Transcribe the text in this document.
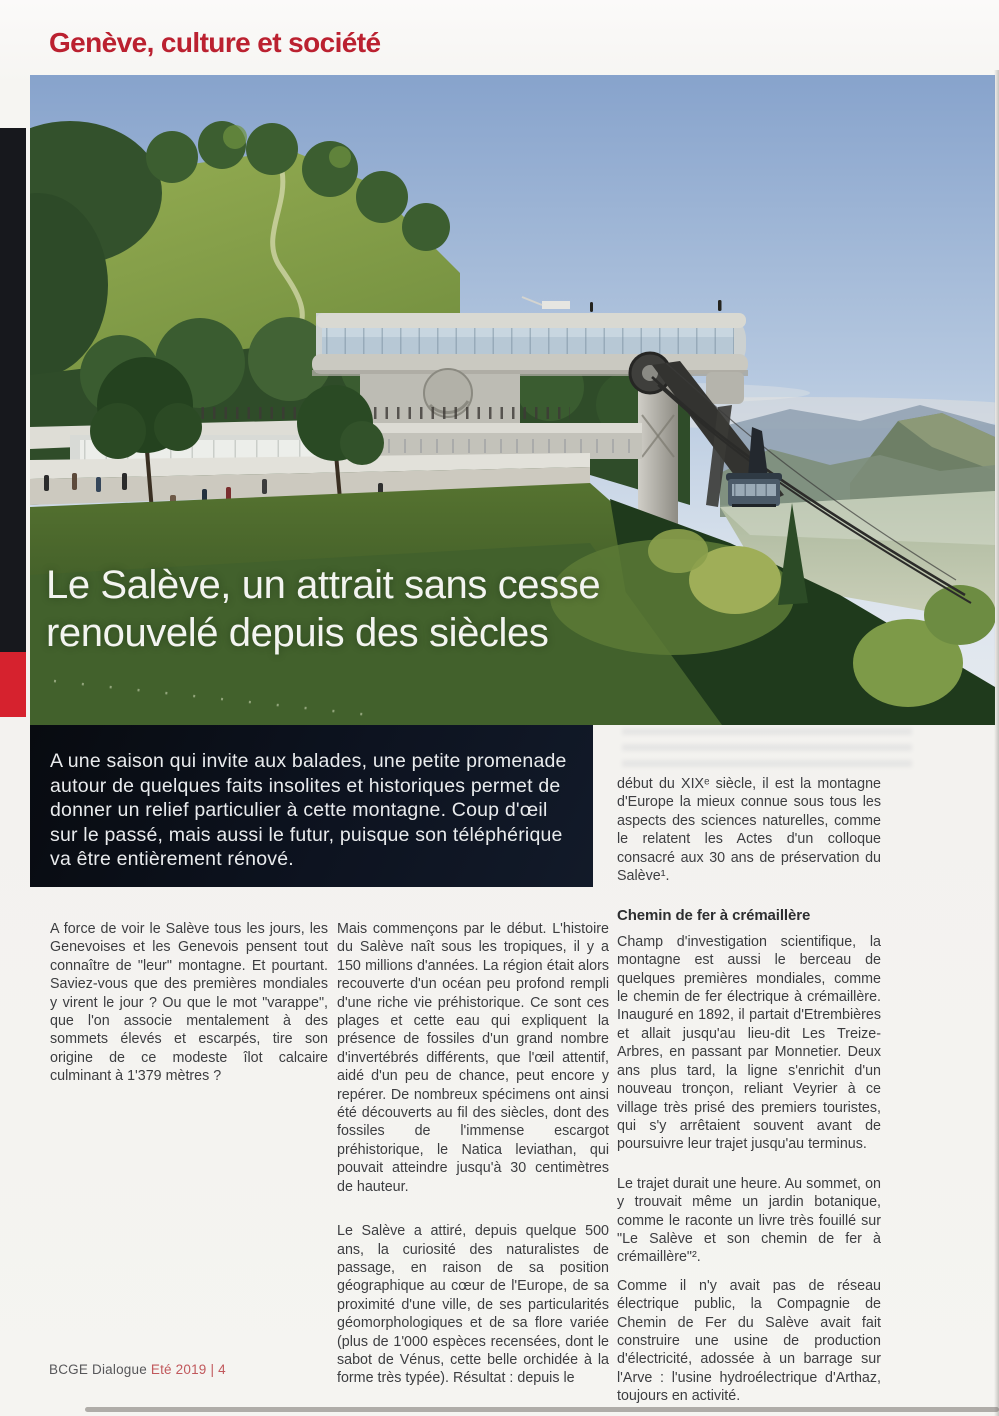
Genève, culture et société
Le Salève, un attrait sans cesse
renouvelé depuis des siècles

A une saison qui invite aux balades, une petite promenade autour de quelques faits insolites et historiques permet de donner un relief particulier à cette montagne. Coup d'œil sur le passé, mais aussi le futur, puisque son téléphérique va être entièrement rénové.

A force de voir le Salève tous les jours, les Genevoises et les Genevois pensent tout connaître de "leur" montagne. Et pourtant. Saviez-vous que des premières mondiales y virent le jour ? Ou que le mot "varappe", que l'on associe mentalement à des sommets élevés et escarpés, tire son origine de ce modeste îlot calcaire culminant à 1'379 mètres ?

Mais commençons par le début. L'histoire du Salève naît sous les tropiques, il y a 150 millions d'années. La région était alors recouverte d'un océan peu profond rempli d'une riche vie préhistorique. Ce sont ces plages et cette eau qui expliquent la présence de fossiles d'un grand nombre d'invertébrés différents, que l'œil attentif, aidé d'un peu de chance, peut encore y repérer. De nombreux spécimens ont ainsi été découverts au fil des siècles, dont des fossiles de l'immense escargot préhistorique, le Natica leviathan, qui pouvait atteindre jusqu'à 30 centimètres de hauteur.

Le Salève a attiré, depuis quelque 500 ans, la curiosité des naturalistes de passage, en raison de sa position géographique au cœur de l'Europe, de sa proximité d'une ville, de ses particularités géomorphologiques et de sa flore variée (plus de 1'000 espèces recensées, dont le sabot de Vénus, cette belle orchidée à la forme très typée). Résultat : depuis le

début du XIXᵉ siècle, il est la montagne d'Europe la mieux connue sous tous les aspects des sciences naturelles, comme le relatent les Actes d'un colloque consacré aux 30 ans de préservation du Salève¹.

Chemin de fer à crémaillère

Champ d'investigation scientifique, la montagne est aussi le berceau de quelques premières mondiales, comme le chemin de fer électrique à crémaillère. Inauguré en 1892, il partait d'Etrembières et allait jusqu'au lieu-dit Les Treize-Arbres, en passant par Monnetier. Deux ans plus tard, la ligne s'enrichit d'un nouveau tronçon, reliant Veyrier à ce village très prisé des premiers touristes, qui s'y arrêtaient souvent avant de poursuivre leur trajet jusqu'au terminus.

Le trajet durait une heure. Au sommet, on y trouvait même un jardin botanique, comme le raconte un livre très fouillé sur "Le Salève et son chemin de fer à crémaillère"².

Comme il n'y avait pas de réseau électrique public, la Compagnie de Chemin de Fer du Salève avait fait construire une usine de production d'électricité, adossée à un barrage sur l'Arve : l'usine hydroélectrique d'Arthaz, toujours en activité.

BCGE Dialogue Eté 2019 | 4
